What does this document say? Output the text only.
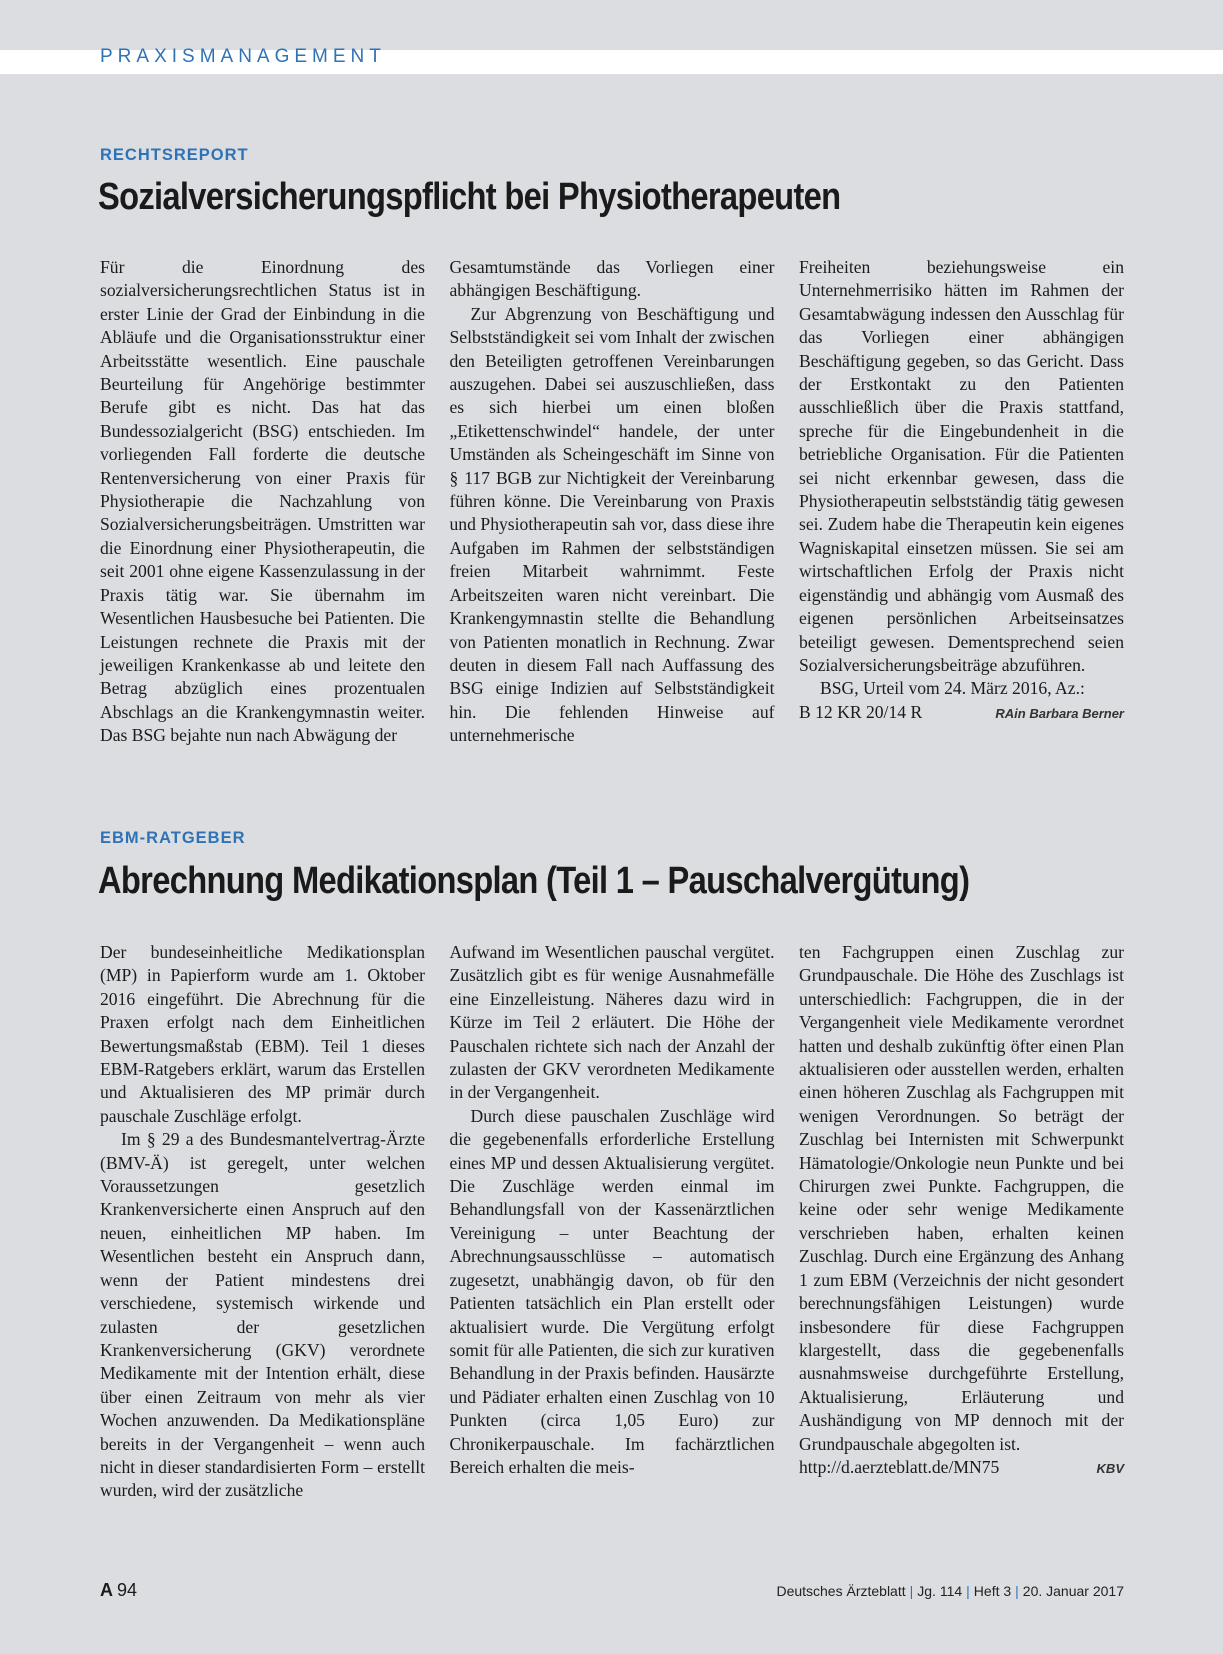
PRAXISMANAGEMENT
RECHTSREPORT
Sozialversicherungspflicht bei Physiotherapeuten

Für die Einordnung des sozialversicherungsrechtlichen Status ist in erster Linie der Grad der Einbindung in die Abläufe und die Organisationsstruktur einer Arbeitsstätte wesentlich. Eine pauschale Beurteilung für Angehörige bestimmter Berufe gibt es nicht. Das hat das Bundessozialgericht (BSG) entschieden. Im vorliegenden Fall forderte die deutsche Rentenversicherung von einer Praxis für Physiotherapie die Nachzahlung von Sozialversicherungsbeiträgen. Umstritten war die Einordnung einer Physiotherapeutin, die seit 2001 ohne eigene Kassenzulassung in der Praxis tätig war. Sie übernahm im Wesentlichen Hausbesuche bei Patienten. Die Leistungen rechnete die Praxis mit der jeweiligen Krankenkasse ab und leitete den Betrag abzüglich eines prozentualen Abschlags an die Krankengymnastin weiter. Das BSG bejahte nun nach Abwägung der

Gesamtumstände das Vorliegen einer abhängigen Beschäftigung.

Zur Abgrenzung von Beschäftigung und Selbstständigkeit sei vom Inhalt der zwischen den Beteiligten getroffenen Vereinbarungen auszugehen. Dabei sei auszuschließen, dass es sich hierbei um einen bloßen „Etikettenschwindel“ handele, der unter Umständen als Scheingeschäft im Sinne von § 117 BGB zur Nichtigkeit der Vereinbarung führen könne. Die Vereinbarung von Praxis und Physiotherapeutin sah vor, dass diese ihre Aufgaben im Rahmen der selbstständigen freien Mitarbeit wahrnimmt. Feste Arbeitszeiten waren nicht vereinbart. Die Krankengymnastin stellte die Behandlung von Patienten monatlich in Rechnung. Zwar deuten in diesem Fall nach Auffassung des BSG einige Indizien auf Selbstständigkeit hin. Die fehlenden Hinweise auf unternehmerische

Freiheiten beziehungsweise ein Unternehmerrisiko hätten im Rahmen der Gesamtabwägung indessen den Ausschlag für das Vorliegen einer abhängigen Beschäftigung gegeben, so das Gericht. Dass der Erstkontakt zu den Patienten ausschließlich über die Praxis stattfand, spreche für die Eingebundenheit in die betriebliche Organisation. Für die Patienten sei nicht erkennbar gewesen, dass die Physiotherapeutin selbstständig tätig gewesen sei. Zudem habe die Therapeutin kein eigenes Wagniskapital einsetzen müssen. Sie sei am wirtschaftlichen Erfolg der Praxis nicht eigenständig und abhängig vom Ausmaß des eigenen persönlichen Arbeitseinsatzes beteiligt gewesen. Dementsprechend seien Sozialversicherungsbeiträge abzuführen.

BSG, Urteil vom 24. März 2016, Az.:

B 12 KR 20/14 R	RAin Barbara Berner
EBM-RATGEBER
Abrechnung Medikationsplan (Teil 1 – Pauschalvergütung)

Der bundeseinheitliche Medikationsplan (MP) in Papierform wurde am 1. Oktober 2016 eingeführt. Die Abrechnung für die Praxen erfolgt nach dem Einheitlichen Bewertungsmaßstab (EBM). Teil 1 dieses EBM-Ratgebers erklärt, warum das Erstellen und Aktualisieren des MP primär durch pauschale Zuschläge erfolgt.

Im § 29 a des Bundesmantelvertrag-Ärzte (BMV-Ä) ist geregelt, unter welchen Voraussetzungen gesetzlich Krankenversicherte einen Anspruch auf den neuen, einheitlichen MP haben. Im Wesentlichen besteht ein Anspruch dann, wenn der Patient mindestens drei verschiedene, systemisch wirkende und zulasten der gesetzlichen Krankenversicherung (GKV) verordnete Medikamente mit der Intention erhält, diese über einen Zeitraum von mehr als vier Wochen anzuwenden. Da Medikationspläne bereits in der Vergangenheit – wenn auch nicht in dieser standardisierten Form – erstellt wurden, wird der zusätzliche

Aufwand im Wesentlichen pauschal vergütet. Zusätzlich gibt es für wenige Ausnahmefälle eine Einzelleistung. Näheres dazu wird in Kürze im Teil 2 erläutert. Die Höhe der Pauschalen richtete sich nach der Anzahl der zulasten der GKV verordneten Medikamente in der Vergangenheit.

Durch diese pauschalen Zuschläge wird die gegebenenfalls erforderliche Erstellung eines MP und dessen Aktualisierung vergütet. Die Zuschläge werden einmal im Behandlungsfall von der Kassenärztlichen Vereinigung – unter Beachtung der Abrechnungsausschlüsse – automatisch zugesetzt, unabhängig davon, ob für den Patienten tatsächlich ein Plan erstellt oder aktualisiert wurde. Die Vergütung erfolgt somit für alle Patienten, die sich zur kurativen Behandlung in der Praxis befinden. Hausärzte und Pädiater erhalten einen Zuschlag von 10 Punkten (circa 1,05 Euro) zur Chronikerpauschale. Im fachärztlichen Bereich erhalten die meis-

ten Fachgruppen einen Zuschlag zur Grundpauschale. Die Höhe des Zuschlags ist unterschiedlich: Fachgruppen, die in der Vergangenheit viele Medikamente verordnet hatten und deshalb zukünftig öfter einen Plan aktualisieren oder ausstellen werden, erhalten einen höheren Zuschlag als Fachgruppen mit wenigen Verordnungen. So beträgt der Zuschlag bei Internisten mit Schwerpunkt Hämatologie/Onkologie neun Punkte und bei Chirurgen zwei Punkte. Fachgruppen, die keine oder sehr wenige Medikamente verschrieben haben, erhalten keinen Zuschlag. Durch eine Ergänzung des Anhang 1 zum EBM (Verzeichnis der nicht gesondert berechnungsfähigen Leistungen) wurde insbesondere für diese Fachgruppen klargestellt, dass die gegebenenfalls ausnahmsweise durchgeführte Erstellung, Aktualisierung, Erläuterung und Aushändigung von MP dennoch mit der Grundpauschale abgegolten ist.

http://d.aerzteblatt.de/MN75	KBV
A 94	Deutsches Ärzteblatt | Jg. 114 | Heft 3 | 20. Januar 2017
